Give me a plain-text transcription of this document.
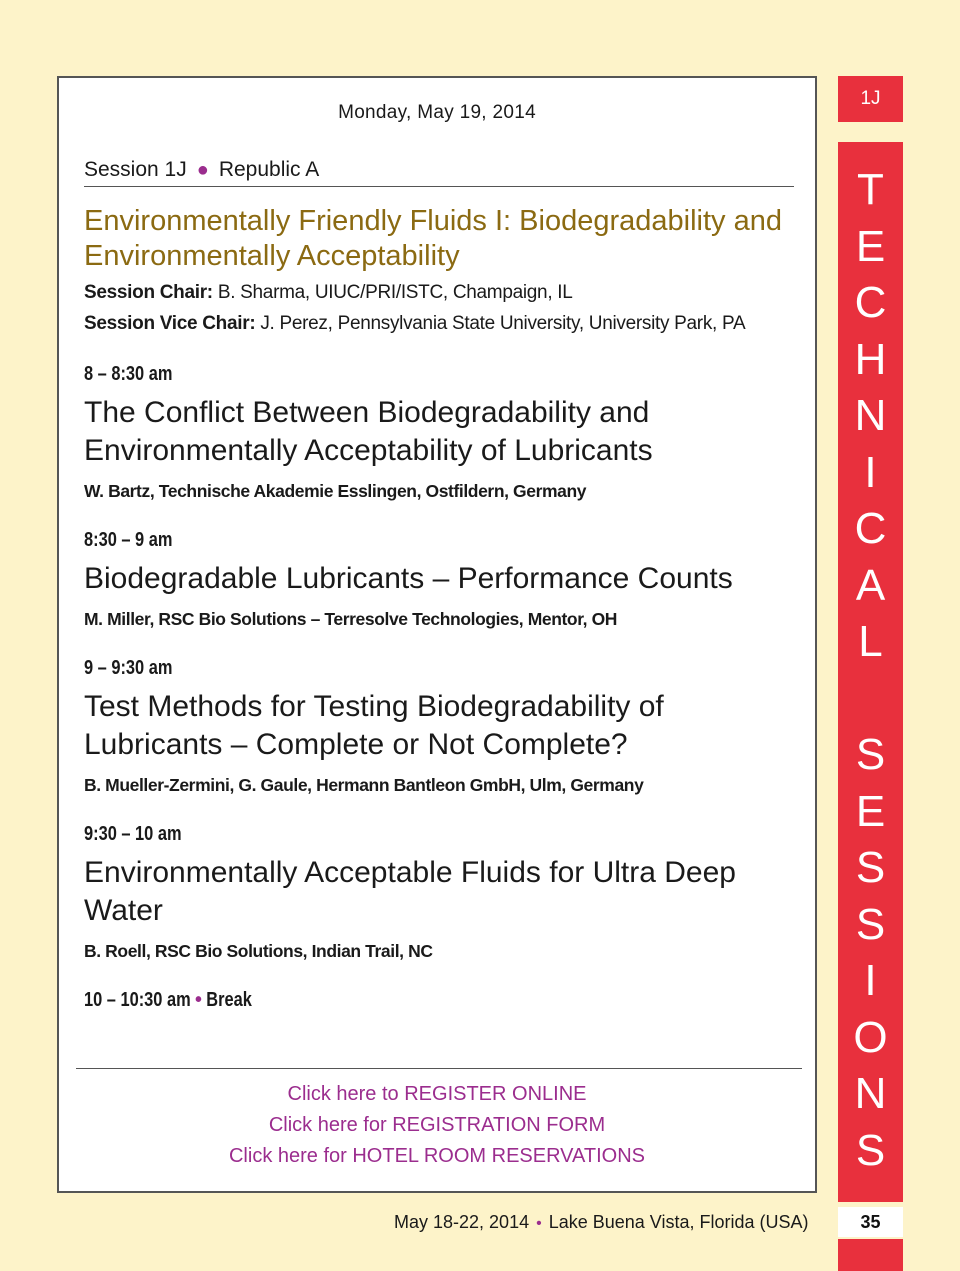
Monday, May 19, 2014
Session 1J ● Republic A
Environmentally Friendly Fluids I: Biodegradability and Environmentally Acceptability
Session Chair: B. Sharma, UIUC/PRI/ISTC, Champaign, IL
Session Vice Chair: J. Perez, Pennsylvania State University, University Park, PA
8 – 8:30 am
The Conflict Between Biodegradability and Environmentally Acceptability of Lubricants
W. Bartz, Technische Akademie Esslingen, Ostfildern, Germany
8:30 – 9 am
Biodegradable Lubricants – Performance Counts
M. Miller, RSC Bio Solutions – Terresolve Technologies, Mentor, OH
9 – 9:30 am
Test Methods for Testing Biodegradability of Lubricants – Complete or Not Complete?
B. Mueller-Zermini, G. Gaule, Hermann Bantleon GmbH, Ulm, Germany
9:30 – 10 am
Environmentally Acceptable Fluids for Ultra Deep Water
B. Roell, RSC Bio Solutions, Indian Trail, NC
10 – 10:30 am • Break
Click here to REGISTER ONLINE
Click here for REGISTRATION FORM
Click here for HOTEL ROOM RESERVATIONS
1J
T
E
C
H
N
I
C
A
L
S
E
S
S
I
O
N
S
May 18-22, 2014 • Lake Buena Vista, Florida (USA)	35
